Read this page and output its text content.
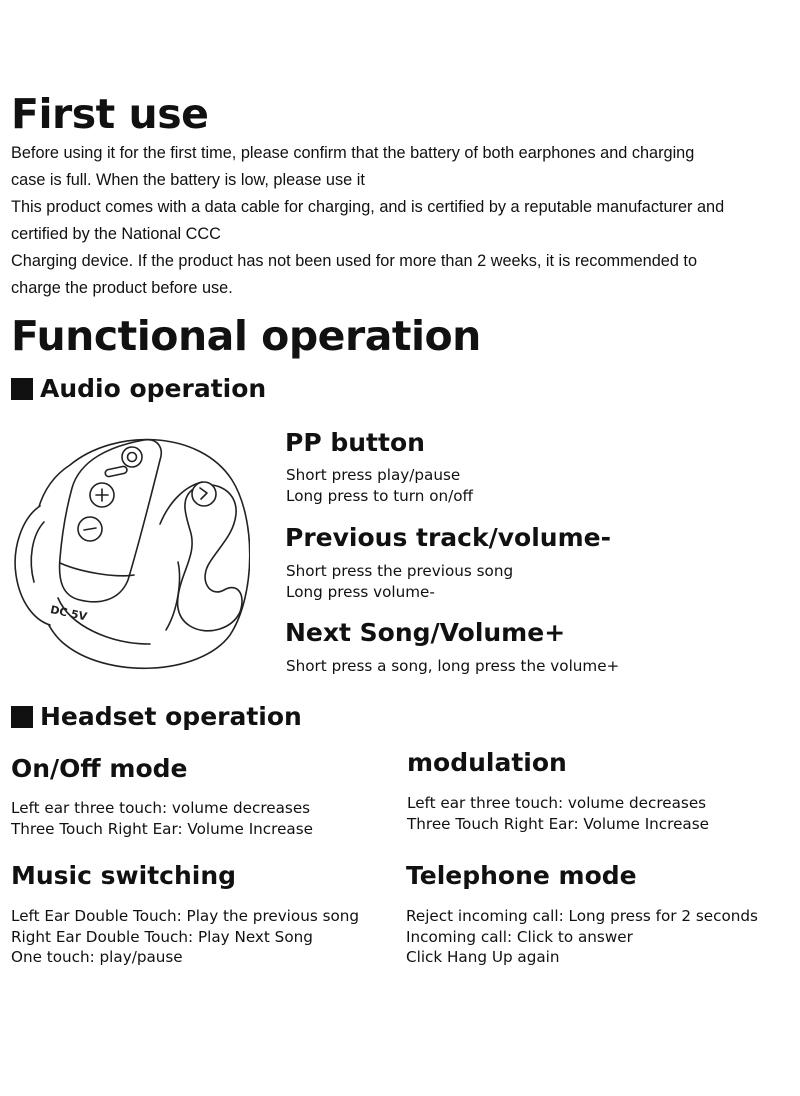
First use
Before using it for the first time, please confirm that the battery of both earphones and charging
case is full. When the battery is low, please use it
This product comes with a data cable for charging, and is certified by a reputable manufacturer and
certified by the National CCC
Charging device. If the product has not been used for more than 2 weeks, it is recommended to
charge the product before use.
Functional operation
Audio operation
DC 5V
PP button
Short press play/pause
Long press to turn on/off
Previous track/volume-
Short press the previous song
Long press volume-
Next Song/Volume+
Short press a song, long press the volume+
Headset operation
On/Off mode
Left ear three touch: volume decreases
Three Touch Right Ear: Volume Increase
modulation
Left ear three touch: volume decreases
Three Touch Right Ear: Volume Increase
Music switching
Left Ear Double Touch: Play the previous song
Right Ear Double Touch: Play Next Song
One touch: play/pause
Telephone mode
Reject incoming call: Long press for 2 seconds
Incoming call: Click to answer
Click Hang Up again
